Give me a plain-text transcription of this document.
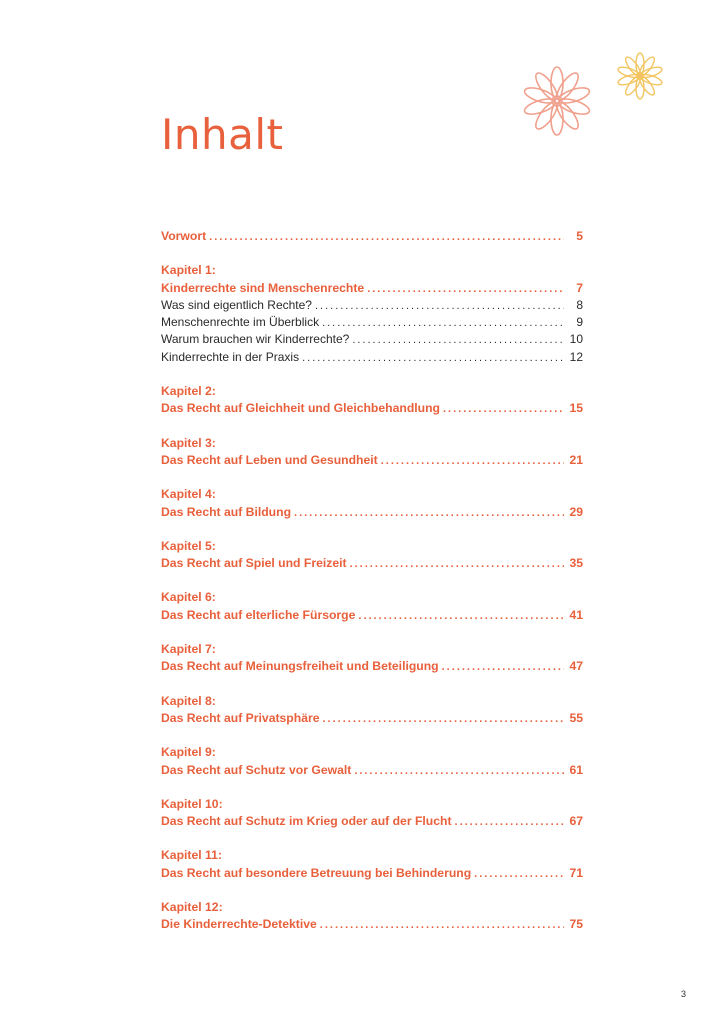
Inhalt
Vorwort .....	5
Kapitel 1:
Kinderrechte sind Menschenrechte .....	7
Was sind eigentlich Rechte? .....	8
Menschenrechte im Überblick .....	9
Warum brauchen wir Kinderrechte? .....	10
Kinderrechte in der Praxis .....	12
Kapitel 2:
Das Recht auf Gleichheit und Gleichbehandlung .....	15
Kapitel 3:
Das Recht auf Leben und Gesundheit .....	21
Kapitel 4:
Das Recht auf Bildung .....	29
Kapitel 5:
Das Recht auf Spiel und Freizeit .....	35
Kapitel 6:
Das Recht auf elterliche Fürsorge .....	41
Kapitel 7:
Das Recht auf Meinungsfreiheit und Beteiligung .....	47
Kapitel 8:
Das Recht auf Privatsphäre .....	55
Kapitel 9:
Das Recht auf Schutz vor Gewalt .....	61
Kapitel 10:
Das Recht auf Schutz im Krieg oder auf der Flucht .....	67
Kapitel 11:
Das Recht auf besondere Betreuung bei Behinderung .....	71
Kapitel 12:
Die Kinderrechte-Detektive .....	75
3
